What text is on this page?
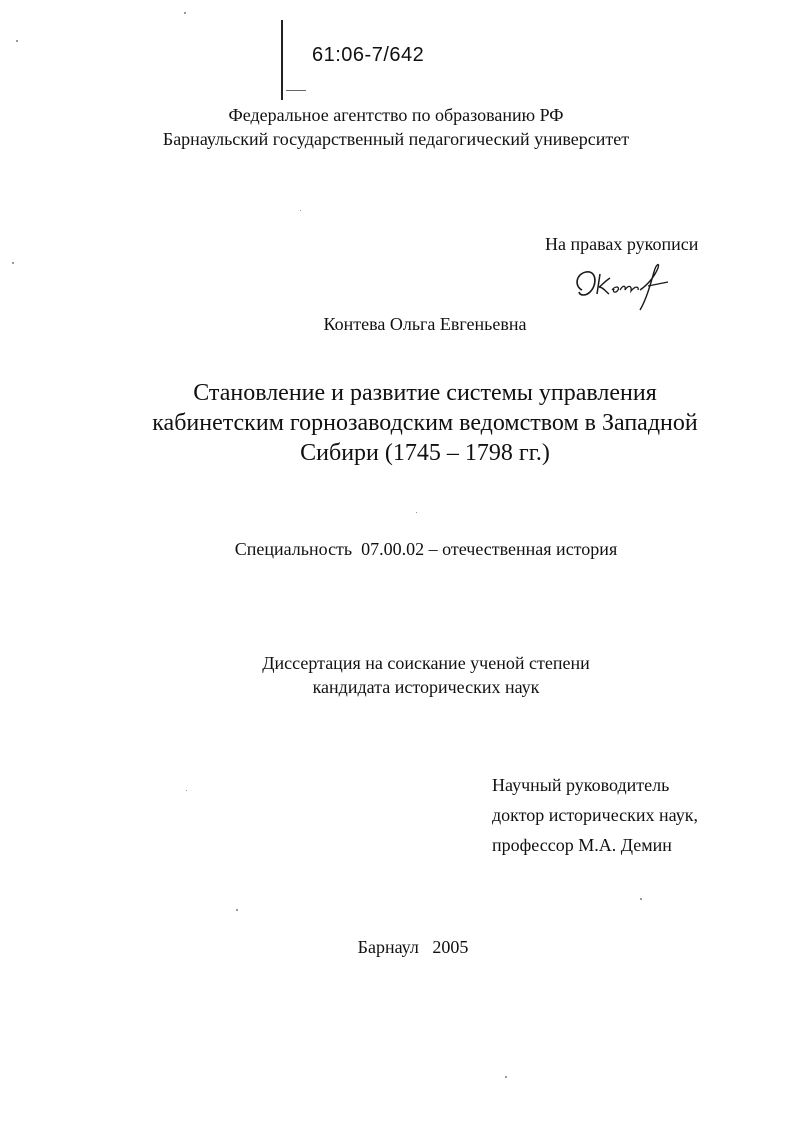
61:06-7/642
Федеральное агентство по образованию РФ
Барнаульский государственный педагогический университет
На правах рукописи
Контева Ольга Евгеньевна
Становление и развитие системы управления
кабинетским горнозаводским ведомством в Западной
Сибири (1745 – 1798 гг.)
Специальность  07.00.02 – отечественная история
Диссертация на соискание ученой степени
кандидата исторических наук
Научный руководитель
доктор исторических наук,
профессор М.А. Демин
Барнаул   2005
